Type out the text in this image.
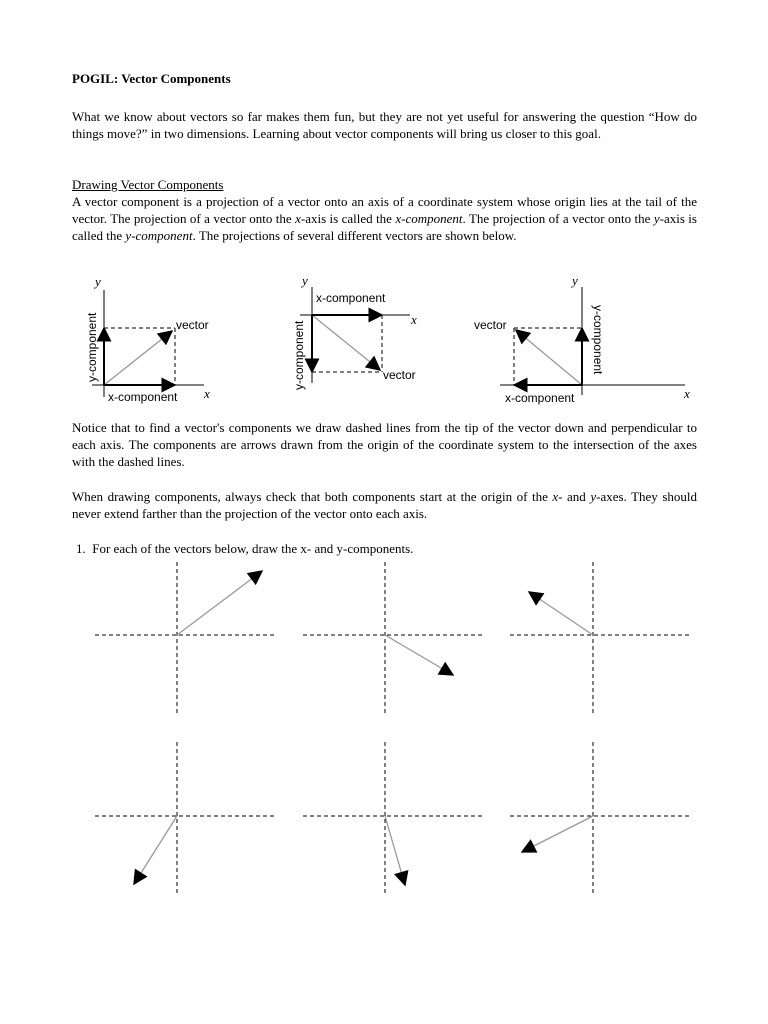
POGIL: Vector Components
What we know about vectors so far makes them fun, but they are not yet useful for answering the question “How do things move?” in two dimensions. Learning about vector components will bring us closer to this goal.
Drawing Vector Components
A vector component is a projection of a vector onto an axis of a coordinate system whose origin lies at the tail of the vector. The projection of a vector onto the x-axis is called the x-component. The projection of a vector onto the y-axis is called the y-component. The projections of several different vectors are shown below.
Notice that to find a vector's components we draw dashed lines from the tip of the vector down and perpendicular to each axis. The components are arrows drawn from the origin of the coordinate system to the intersection of the axes with the dashed lines.
When drawing components, always check that both components start at the origin of the x- and y-axes. They should never extend farther than the projection of the vector onto each axis.
1.  For each of the vectors below, draw the x- and y-components.
y
x
vector
x-component
y-component
y
x
vector
x-component
y-component
y
x
vector
x-component
y-component
